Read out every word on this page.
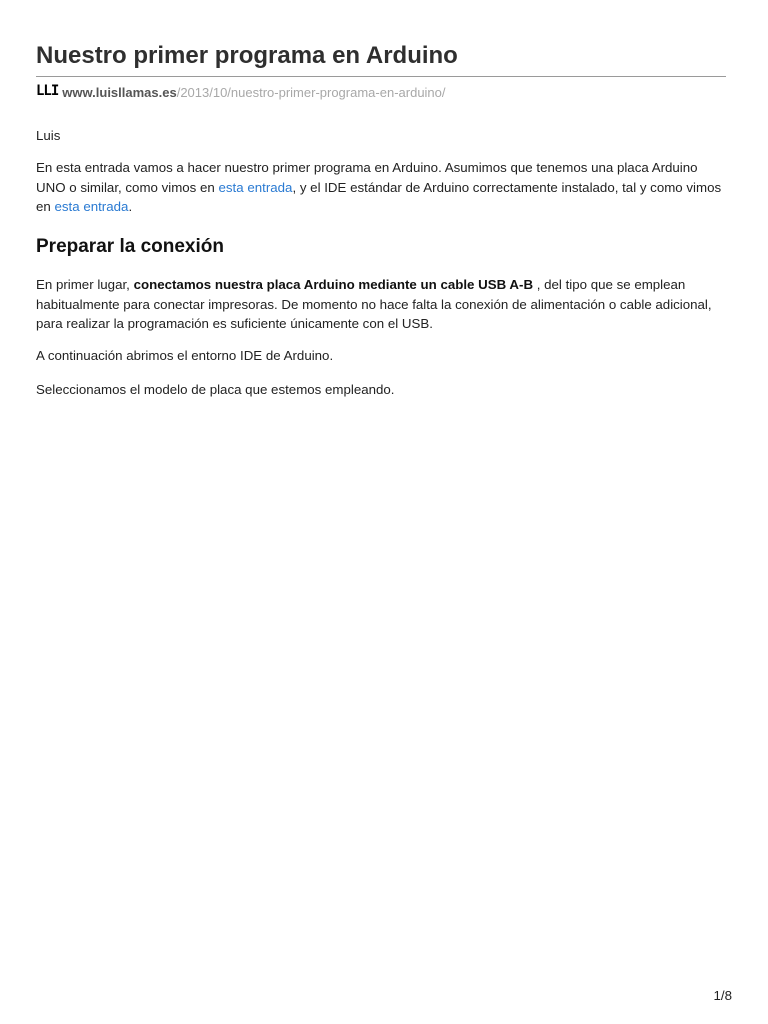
Nuestro primer programa en Arduino
LLI www.luisllamas.es /2013/10/nuestro-primer-programa-en-arduino/

Luis

En esta entrada vamos a hacer nuestro primer programa en Arduino. Asumimos que tenemos una placa Arduino UNO o similar, como vimos en esta entrada, y el IDE estándar de Arduino correctamente instalado, tal y como vimos en esta entrada.

Preparar la conexión

En primer lugar, conectamos nuestra placa Arduino mediante un cable USB A-B , del tipo que se emplean habitualmente para conectar impresoras. De momento no hace falta la conexión de alimentación o cable adicional, para realizar la programación es suficiente únicamente con el USB.

A continuación abrimos el entorno IDE de Arduino.

Seleccionamos el modelo de placa que estemos empleando.

1/8
